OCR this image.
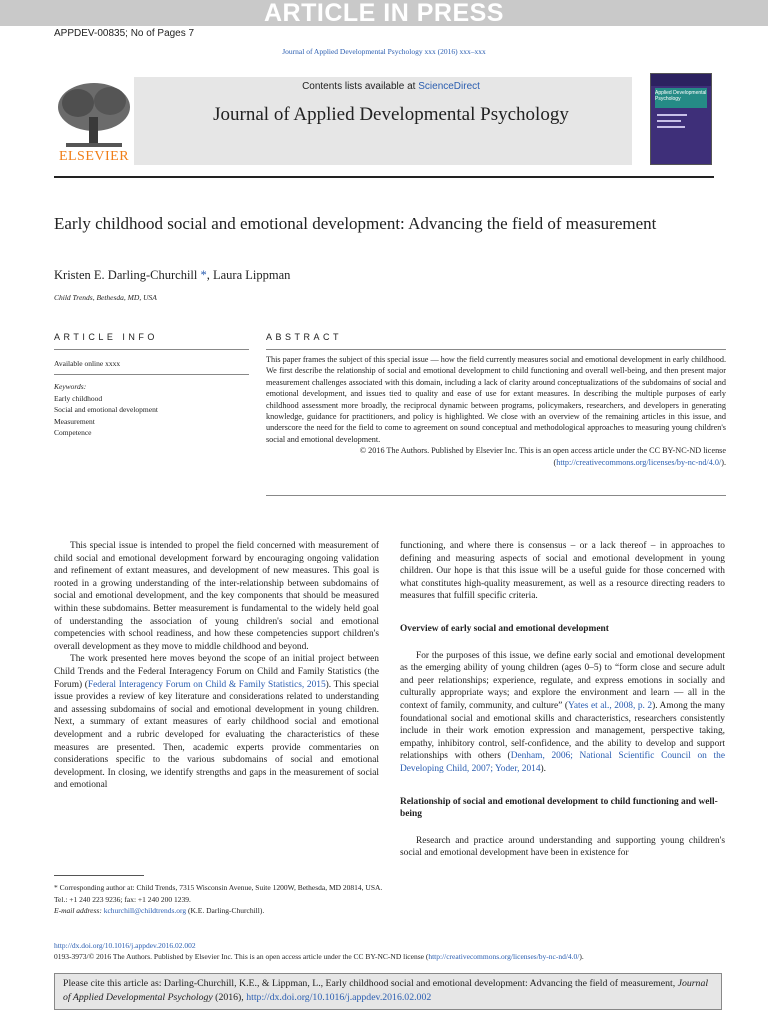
ARTICLE IN PRESS
APPDEV-00835; No of Pages 7
Journal of Applied Developmental Psychology xxx (2016) xxx–xxx
ELSEVIER
Contents lists available at ScienceDirect
Journal of Applied Developmental Psychology
Applied Developmental Psychology
Early childhood social and emotional development: Advancing the field of measurement
Kristen E. Darling-Churchill *, Laura Lippman
Child Trends, Bethesda, MD, USA
ARTICLE INFO	ABSTRACT
Available online xxxx
Keywords:
Early childhood
Social and emotional development
Measurement
Competence
This paper frames the subject of this special issue — how the field currently measures social and emotional development in early childhood. We first describe the relationship of social and emotional development to child functioning and overall well-being, and then present major measurement challenges associated with this domain, including a lack of clarity around conceptualizations of the subdomains of social and emotional development, and issues tied to quality and ease of use for extant measures. In describing the multiple purposes of early childhood assessment more broadly, the reciprocal dynamic between programs, policymakers, researchers, and developers in generating knowledge, guidance for practitioners, and policy is highlighted. We close with an overview of the remaining articles in this issue, and underscore the need for the field to come to agreement on sound conceptual and methodological approaches to measuring young children's social and emotional development.
© 2016 The Authors. Published by Elsevier Inc. This is an open access article under the CC BY-NC-ND license (http://creativecommons.org/licenses/by-nc-nd/4.0/).

This special issue is intended to propel the field concerned with measurement of child social and emotional development forward by encouraging ongoing validation and refinement of extant measures, and development of new measures. This goal is rooted in a growing understanding of the inter-relationship between subdomains of social and emotional development, and the key components that should be measured within these subdomains. Better measurement is fundamental to the widely held goal of understanding the association of young children's social and emotional competencies with school readiness, and how these competencies support children's overall development as they move to middle childhood and beyond.

The work presented here moves beyond the scope of an initial project between Child Trends and the Federal Interagency Forum on Child and Family Statistics (the Forum) (Federal Interagency Forum on Child & Family Statistics, 2015). This special issue provides a review of key literature and considerations related to understanding and assessing subdomains of social and emotional development in young children. Next, a summary of extant measures of early childhood social and emotional development and a rubric developed for evaluating the characteristics of these measures are presented. Then, academic experts provide commentaries on considerations specific to the various subdomains of social and emotional development. In closing, we identify strengths and gaps in the measurement of social and emotional

functioning, and where there is consensus – or a lack thereof – in approaches to defining and measuring aspects of social and emotional development in young children. Our hope is that this issue will be a useful guide for those concerned with what constitutes high-quality measurement, as well as a resource directing readers to measures that fulfill specific criteria.

Overview of early social and emotional development

For the purposes of this issue, we define early social and emotional development as the emerging ability of young children (ages 0–5) to “form close and secure adult and peer relationships; experience, regulate, and express emotions in socially and culturally appropriate ways; and explore the environment and learn — all in the context of family, community, and culture” (Yates et al., 2008, p. 2). Among the many foundational social and emotional skills and characteristics, researchers consistently include in their work emotion expression and management, perspective taking, empathy, inhibitory control, self-confidence, and the ability to develop and support relationships with others (Denham, 2006; National Scientific Council on the Developing Child, 2007; Yoder, 2014).

Relationship of social and emotional development to child functioning and well-being

Research and practice around understanding and supporting young children's social and emotional development have been in existence for

* Corresponding author at: Child Trends, 7315 Wisconsin Avenue, Suite 1200W, Bethesda, MD 20814, USA. Tel.: +1 240 223 9236; fax: +1 240 200 1239.
E-mail address: kchurchill@childtrends.org (K.E. Darling-Churchill).
http://dx.doi.org/10.1016/j.appdev.2016.02.002
0193-3973/© 2016 The Authors. Published by Elsevier Inc. This is an open access article under the CC BY-NC-ND license (http://creativecommons.org/licenses/by-nc-nd/4.0/).
Please cite this article as: Darling-Churchill, K.E., & Lippman, L., Early childhood social and emotional development: Advancing the field of measurement, Journal of Applied Developmental Psychology (2016), http://dx.doi.org/10.1016/j.appdev.2016.02.002
